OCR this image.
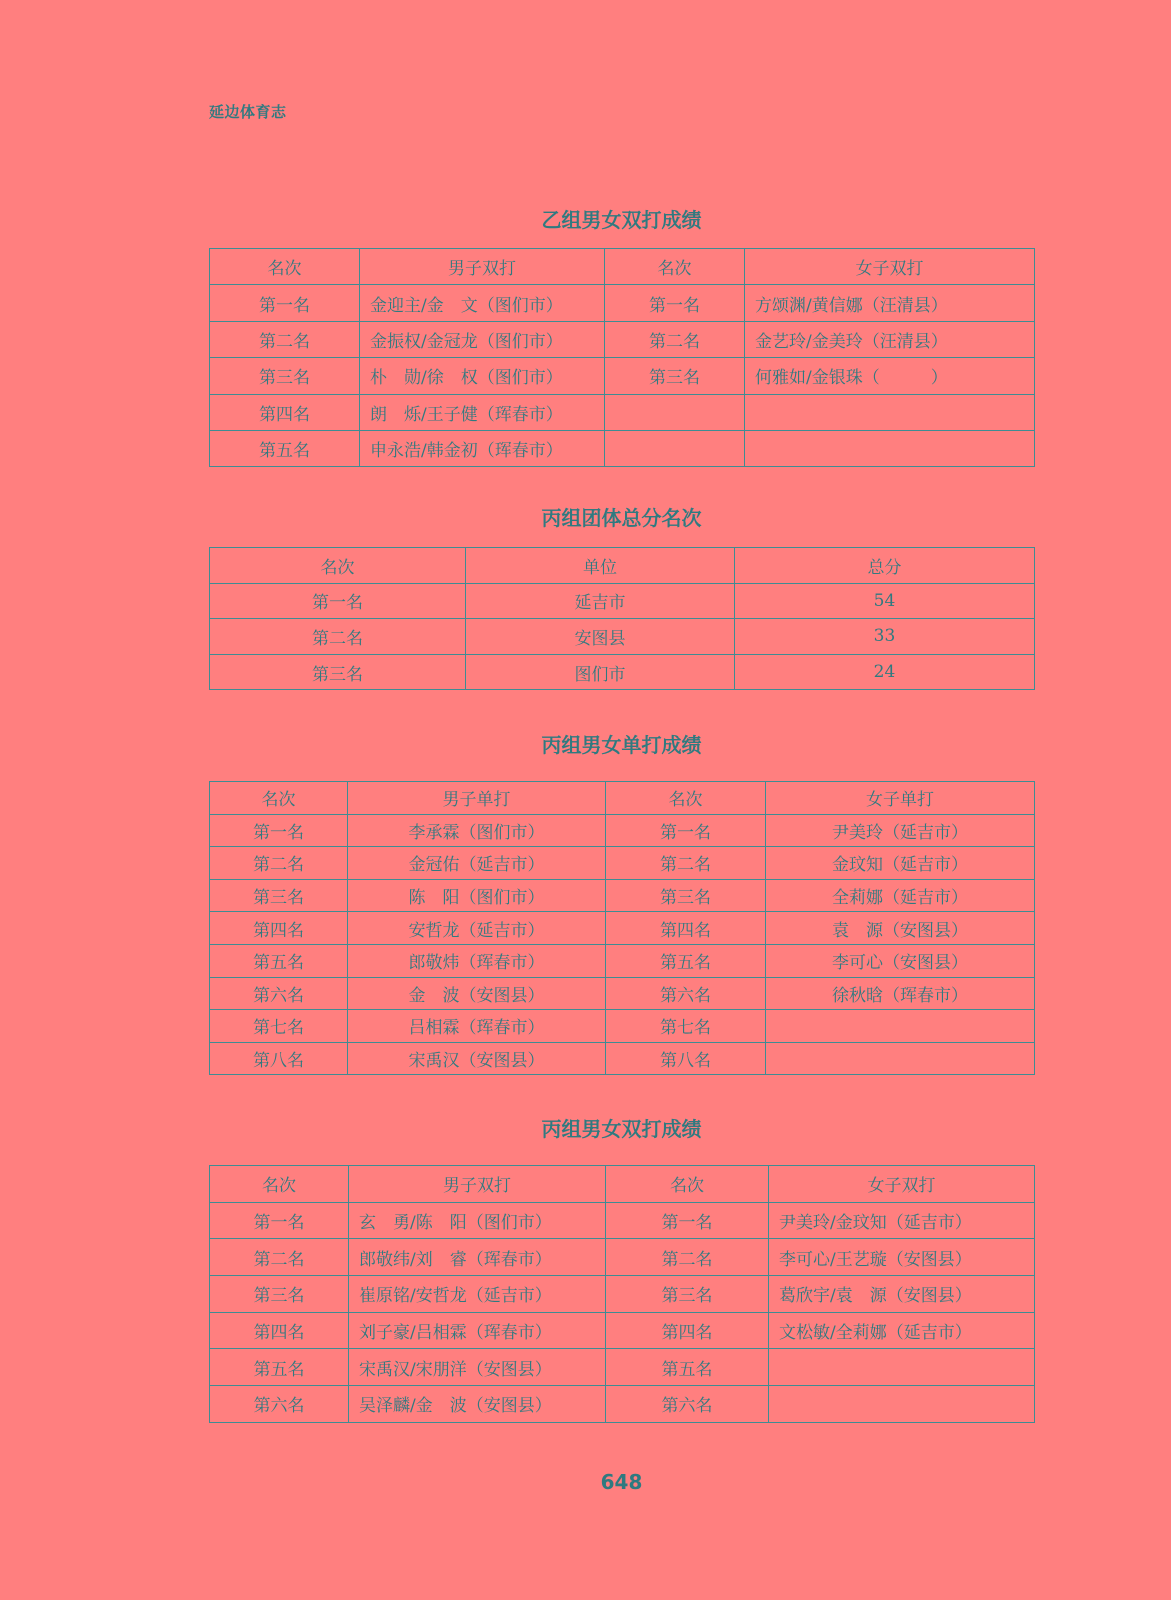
延边体育志
乙组男女双打成绩
名次	男子双打	名次	女子双打
第一名	金迎主/金　文（图们市）	第一名	方颂渊/黄信娜（汪清县）
第二名	金振权/金冠龙（图们市）	第二名	金艺玲/金美玲（汪清县）
第三名	朴　勋/徐　权（图们市）	第三名	何雅如/金银珠（　　　）
第四名	朗　烁/王子健（珲春市）		
第五名	申永浩/韩金初（珲春市）		
丙组团体总分名次
名次	单位	总分
第一名	延吉市	54
第二名	安图县	33
第三名	图们市	24
丙组男女单打成绩
名次	男子单打	名次	女子单打
第一名	李承霖（图们市）	第一名	尹美玲（延吉市）
第二名	金冠佑（延吉市）	第二名	金玟知（延吉市）
第三名	陈　阳（图们市）	第三名	全莉娜（延吉市）
第四名	安哲龙（延吉市）	第四名	袁　源（安图县）
第五名	郎敬炜（珲春市）	第五名	李可心（安图县）
第六名	金　波（安图县）	第六名	徐秋晗（珲春市）
第七名	吕相霖（珲春市）	第七名	
第八名	宋禹汉（安图县）	第八名	
丙组男女双打成绩
名次	男子双打	名次	女子双打
第一名	玄　勇/陈　阳（图们市）	第一名	尹美玲/金玟知（延吉市）
第二名	郎敬纬/刘　睿（珲春市）	第二名	李可心/王艺璇（安图县）
第三名	崔原铭/安哲龙（延吉市）	第三名	葛欣宇/袁　源（安图县）
第四名	刘子豪/吕相霖（珲春市）	第四名	文松敏/全莉娜（延吉市）
第五名	宋禹汉/宋朋洋（安图县）	第五名	
第六名	吴泽麟/金　波（安图县）	第六名	
648
